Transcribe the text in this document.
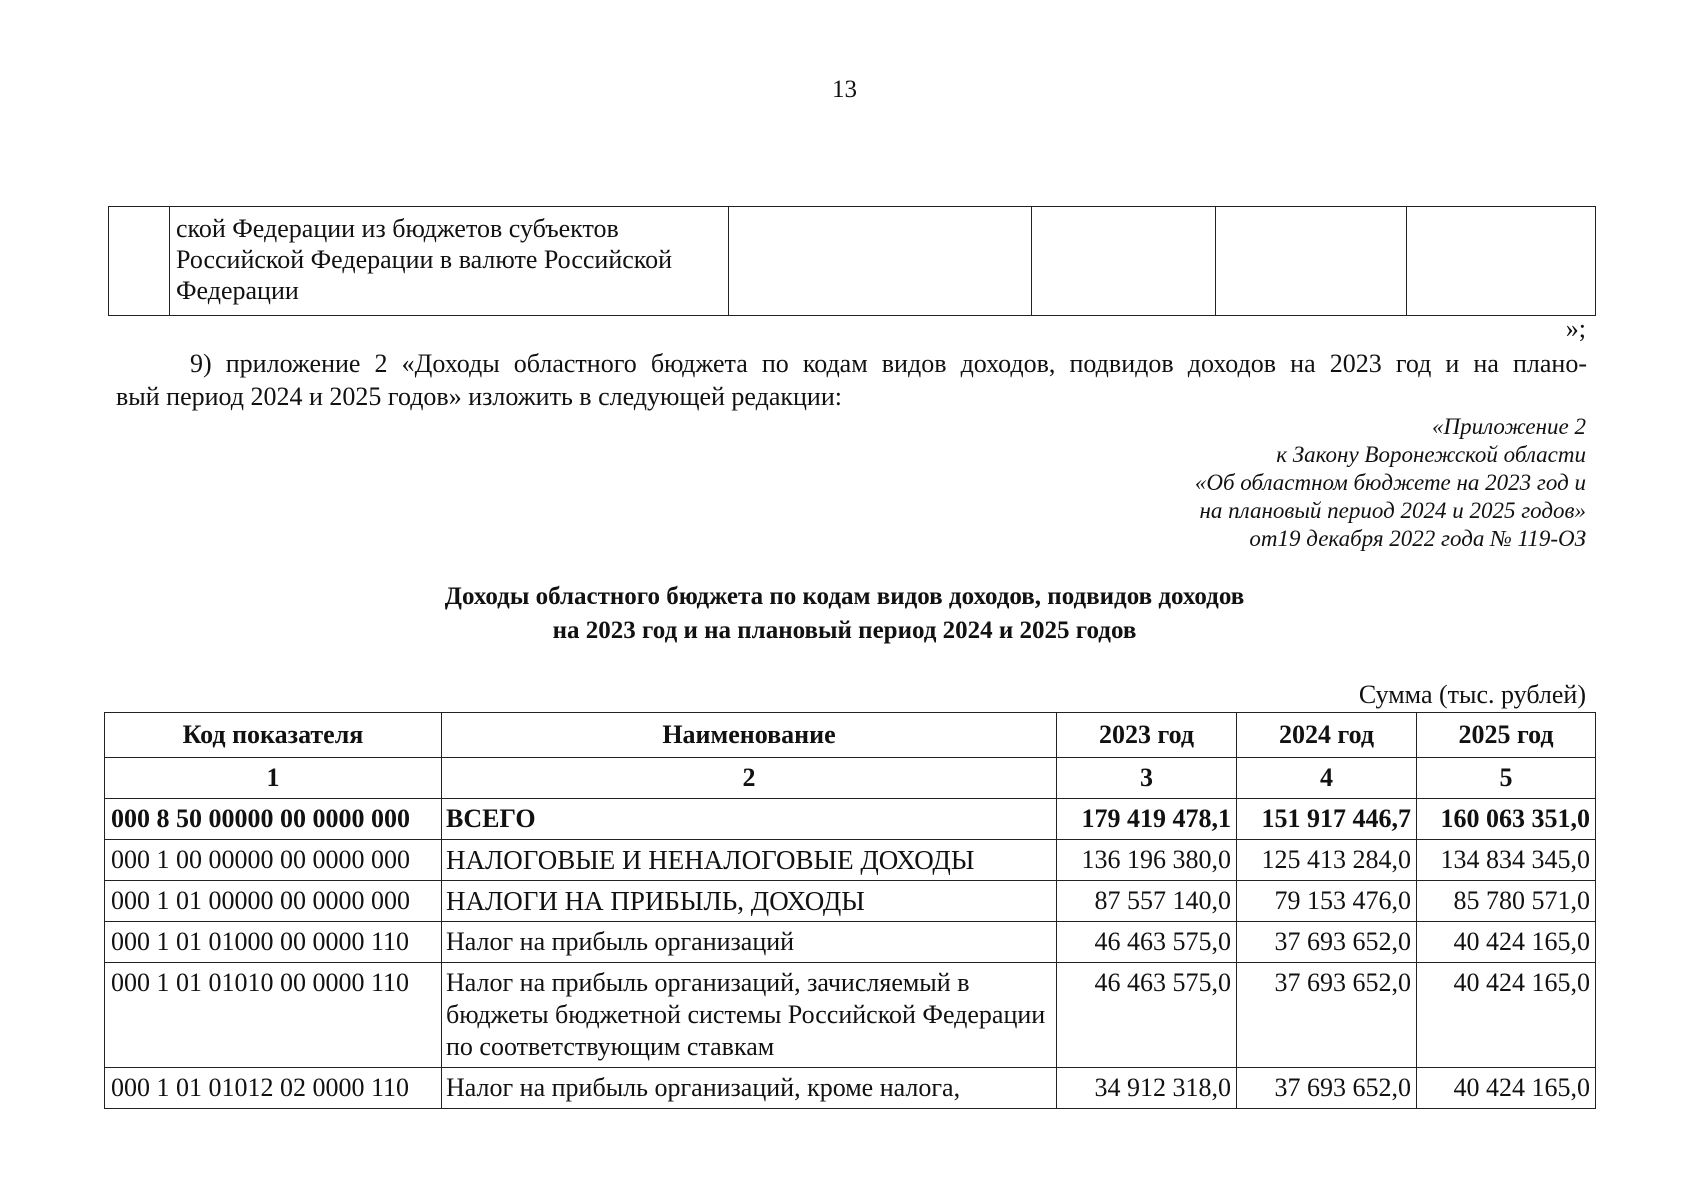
13
	ской Федерации из бюджетов субъектов Российской Федерации в валюте Российской Федерации				
»;
9) приложение 2 «Доходы областного бюджета по кодам видов доходов, подвидов доходов на 2023 год и на плано-
вый период 2024 и 2025 годов» изложить в следующей редакции:
«Приложение 2
к Закону Воронежской области
«Об областном бюджете на 2023 год и
на плановый период 2024 и 2025 годов»
от19 декабря 2022 года № 119-ОЗ
Доходы областного бюджета по кодам видов доходов, подвидов доходов
на 2023 год и на плановый период 2024 и 2025 годов
Сумма (тыс. рублей)
Код показателя	Наименование	2023 год	2024 год	2025 год
1	2	3	4	5
000 8 50 00000 00 0000 000	ВСЕГО	179 419 478,1	151 917 446,7	160 063 351,0
000 1 00 00000 00 0000 000	НАЛОГОВЫЕ И НЕНАЛОГОВЫЕ ДОХОДЫ	136 196 380,0	125 413 284,0	134 834 345,0
000 1 01 00000 00 0000 000	НАЛОГИ НА ПРИБЫЛЬ, ДОХОДЫ	87 557 140,0	79 153 476,0	85 780 571,0
000 1 01 01000 00 0000 110	Налог на прибыль организаций	46 463 575,0	37 693 652,0	40 424 165,0
000 1 01 01010 00 0000 110	Налог на прибыль организаций, зачисляемый в бюджеты бюджетной системы Российской Федерации по соответствующим ставкам	46 463 575,0	37 693 652,0	40 424 165,0
000 1 01 01012 02 0000 110	Налог на прибыль организаций, кроме налога,	34 912 318,0	37 693 652,0	40 424 165,0
